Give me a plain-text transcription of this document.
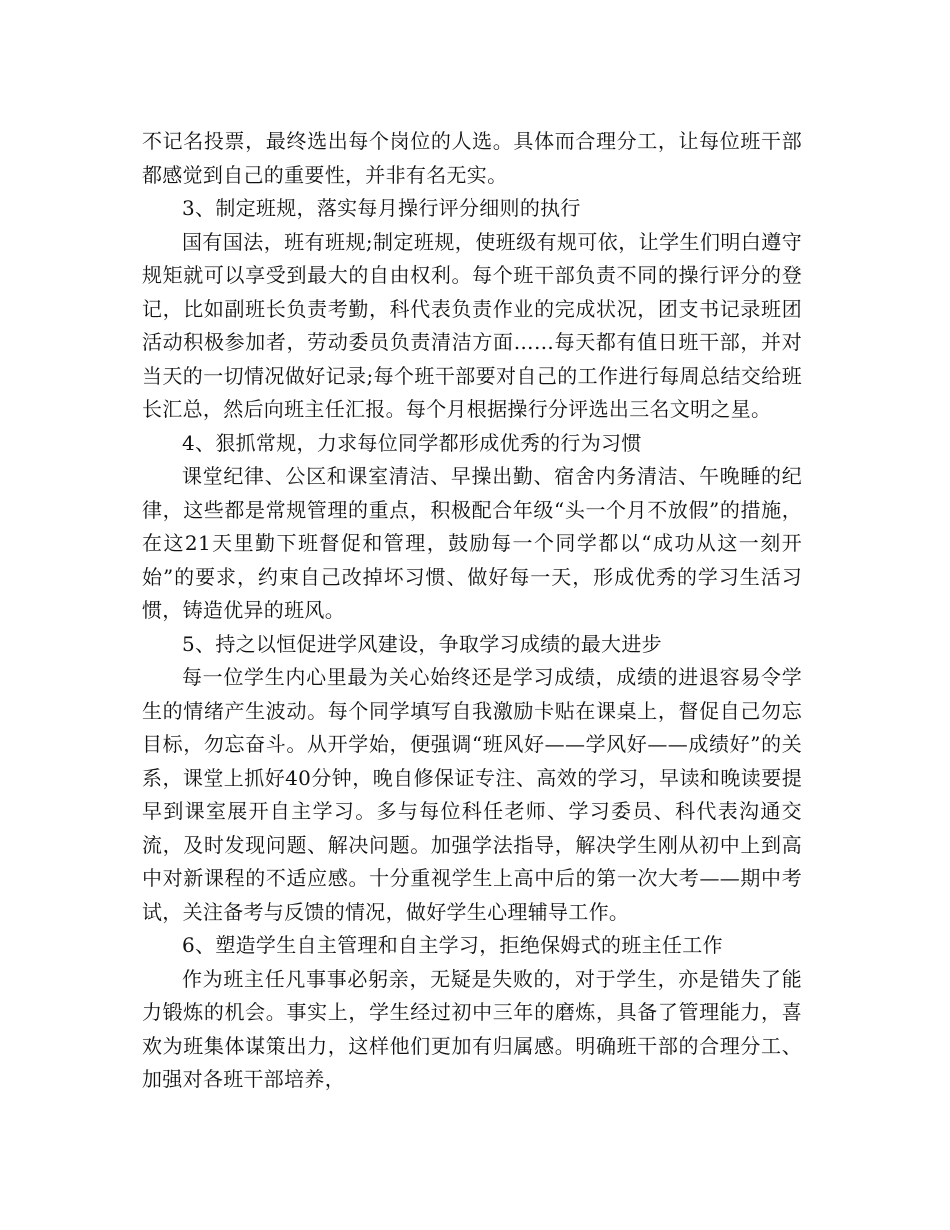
不记名投票，最终选出每个岗位的人选。具体而合理分工，让每位班干部都感觉到自己的重要性，并非有名无实。

3、制定班规，落实每月操行评分细则的执行

国有国法，班有班规;制定班规，使班级有规可依，让学生们明白遵守规矩就可以享受到最大的自由权利。每个班干部负责不同的操行评分的登记，比如副班长负责考勤，科代表负责作业的完成状况，团支书记录班团活动积极参加者，劳动委员负责清洁方面……每天都有值日班干部，并对当天的一切情况做好记录;每个班干部要对自己的工作进行每周总结交给班长汇总，然后向班主任汇报。每个月根据操行分评选出三名文明之星。

4、狠抓常规，力求每位同学都形成优秀的行为习惯

课堂纪律、公区和课室清洁、早操出勤、宿舍内务清洁、午晚睡的纪律，这些都是常规管理的重点，积极配合年级“头一个月不放假”的措施，在这21天里勤下班督促和管理，鼓励每一个同学都以“成功从这一刻开始”的要求，约束自己改掉坏习惯、做好每一天，形成优秀的学习生活习惯，铸造优异的班风。

5、持之以恒促进学风建设，争取学习成绩的最大进步

每一位学生内心里最为关心始终还是学习成绩，成绩的进退容易令学生的情绪产生波动。每个同学填写自我激励卡贴在课桌上，督促自己勿忘目标，勿忘奋斗。从开学始，便强调“班风好——学风好——成绩好”的关系，课堂上抓好40分钟，晚自修保证专注、高效的学习，早读和晚读要提早到课室展开自主学习。多与每位科任老师、学习委员、科代表沟通交流，及时发现问题、解决问题。加强学法指导，解决学生刚从初中上到高中对新课程的不适应感。十分重视学生上高中后的第一次大考——期中考试，关注备考与反馈的情况，做好学生心理辅导工作。

6、塑造学生自主管理和自主学习，拒绝保姆式的班主任工作

作为班主任凡事事必躬亲，无疑是失败的，对于学生，亦是错失了能力锻炼的机会。事实上，学生经过初中三年的磨炼，具备了管理能力，喜欢为班集体谋策出力，这样他们更加有归属感。明确班干部的合理分工、加强对各班干部培养，
